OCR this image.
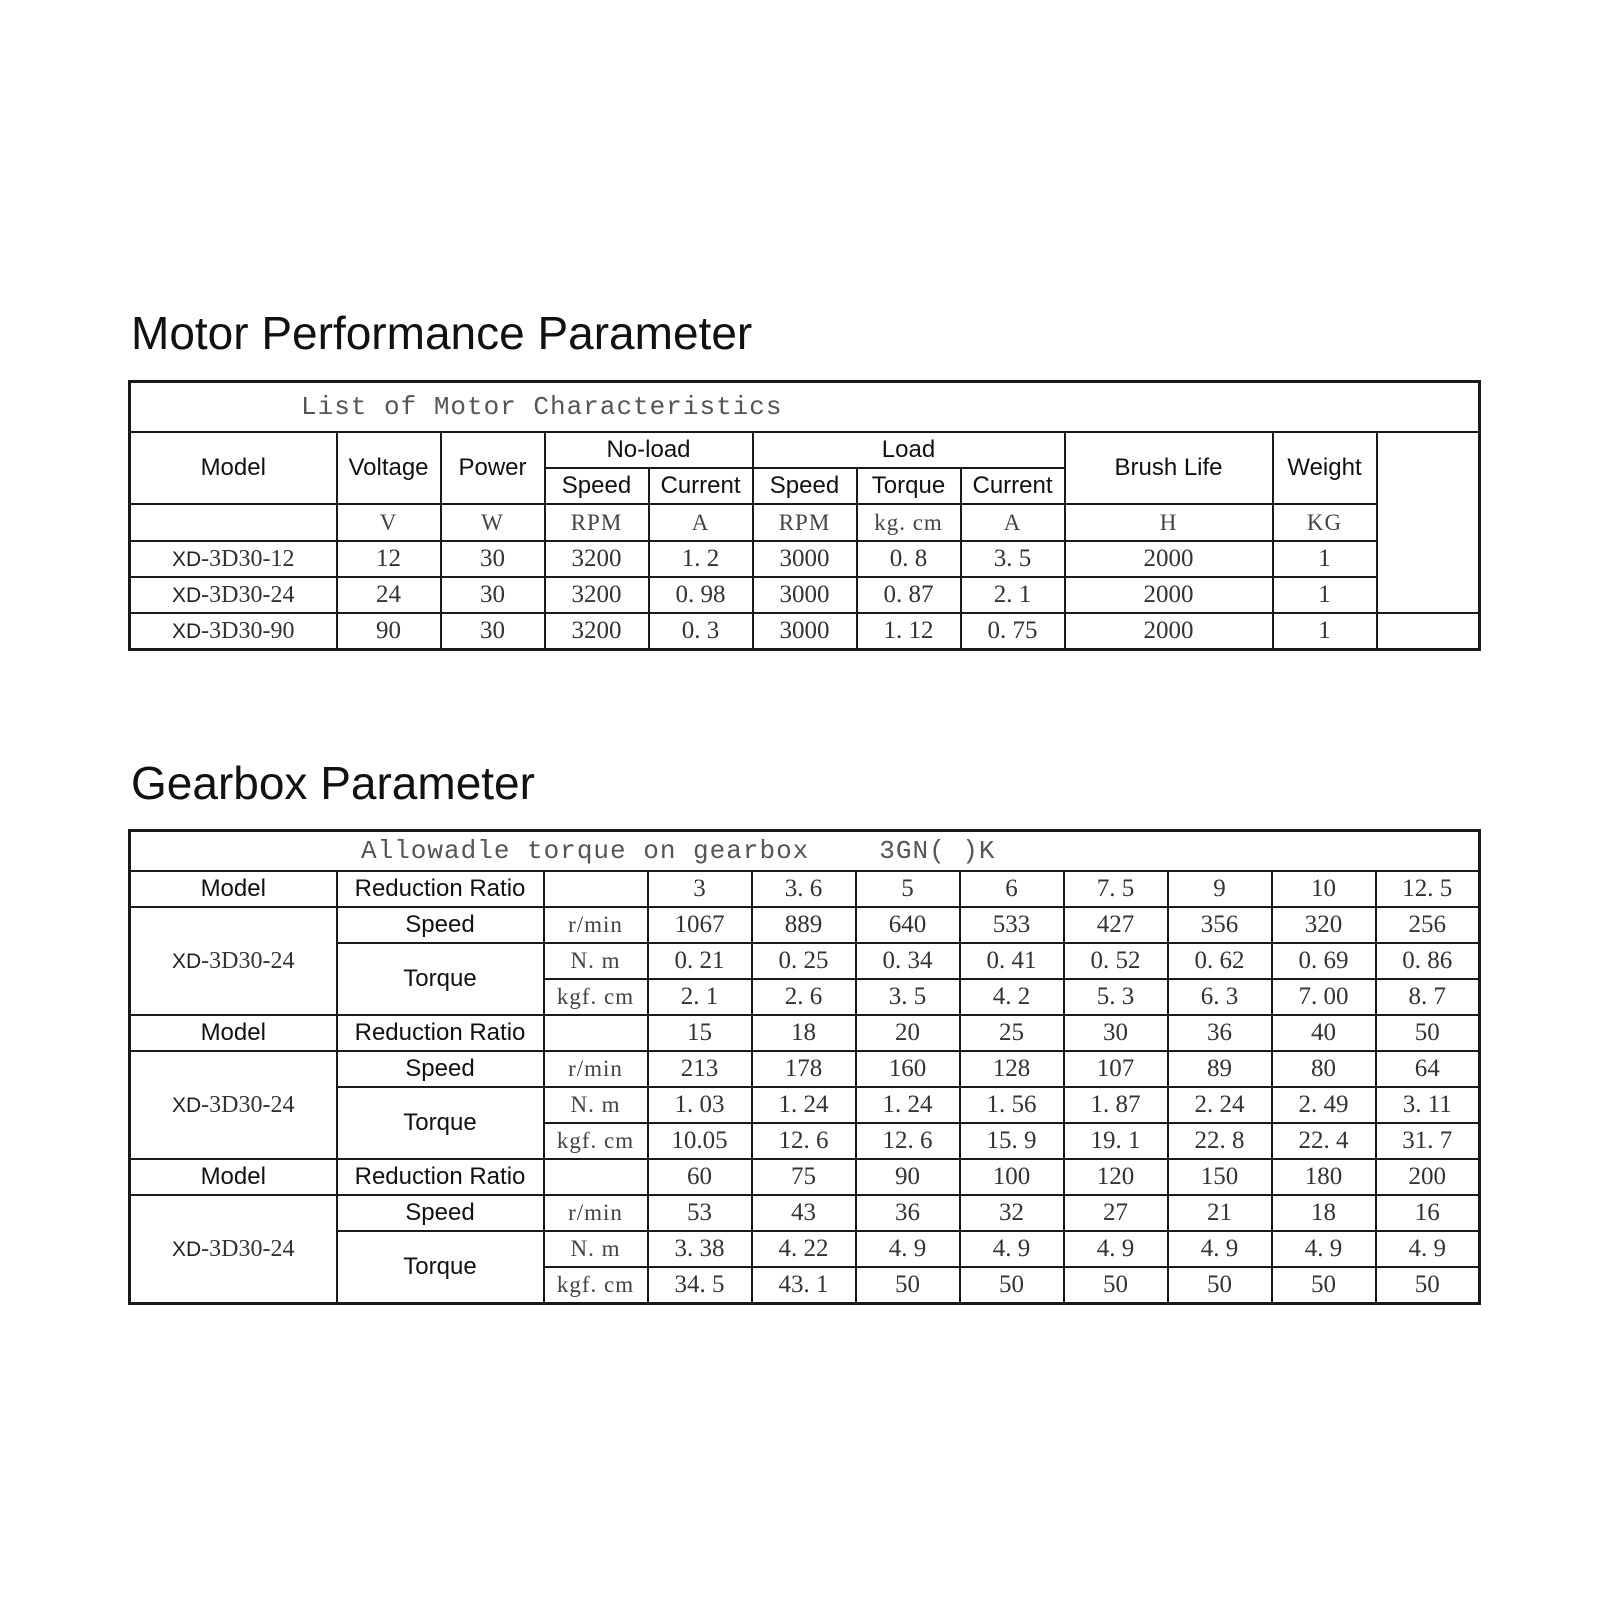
Motor Performance Parameter
List of Motor Characteristics											
Model	Voltage	Power	No-load		Load			Brush Life	Weight		
			Speed	Current	Speed	Torque	Current				
	V	W	RPM	A	RPM	kg. cm	A	H	KG		
XD-3D30-12	12	30	3200	1. 2	3000	0. 8	3. 5	2000	1		
XD-3D30-24	24	30	3200	0. 98	3000	0. 87	2. 1	2000	1		
XD-3D30-90	90	30	3200	0. 3	3000	1. 12	0. 75	2000	1		
Gearbox Parameter
Allowadle torque on gearbox 3GN( )K										
Model	Reduction Ratio		3	3. 6	5	6	7. 5	9	10	12. 5
XD-3D30-24	Speed	r/min	1067	889	640	533	427	356	320	256
	Torque	N. m	0. 21	0. 25	0. 34	0. 41	0. 52	0. 62	0. 69	0. 86
		kgf. cm	2. 1	2. 6	3. 5	4. 2	5. 3	6. 3	7. 00	8. 7
Model	Reduction Ratio		15	18	20	25	30	36	40	50
XD-3D30-24	Speed	r/min	213	178	160	128	107	89	80	64
	Torque	N. m	1. 03	1. 24	1. 24	1. 56	1. 87	2. 24	2. 49	3. 11
		kgf. cm	10.05	12. 6	12. 6	15. 9	19. 1	22. 8	22. 4	31. 7
Model	Reduction Ratio		60	75	90	100	120	150	180	200
XD-3D30-24	Speed	r/min	53	43	36	32	27	21	18	16
	Torque	N. m	3. 38	4. 22	4. 9	4. 9	4. 9	4. 9	4. 9	4. 9
		kgf. cm	34. 5	43. 1	50	50	50	50	50	50
